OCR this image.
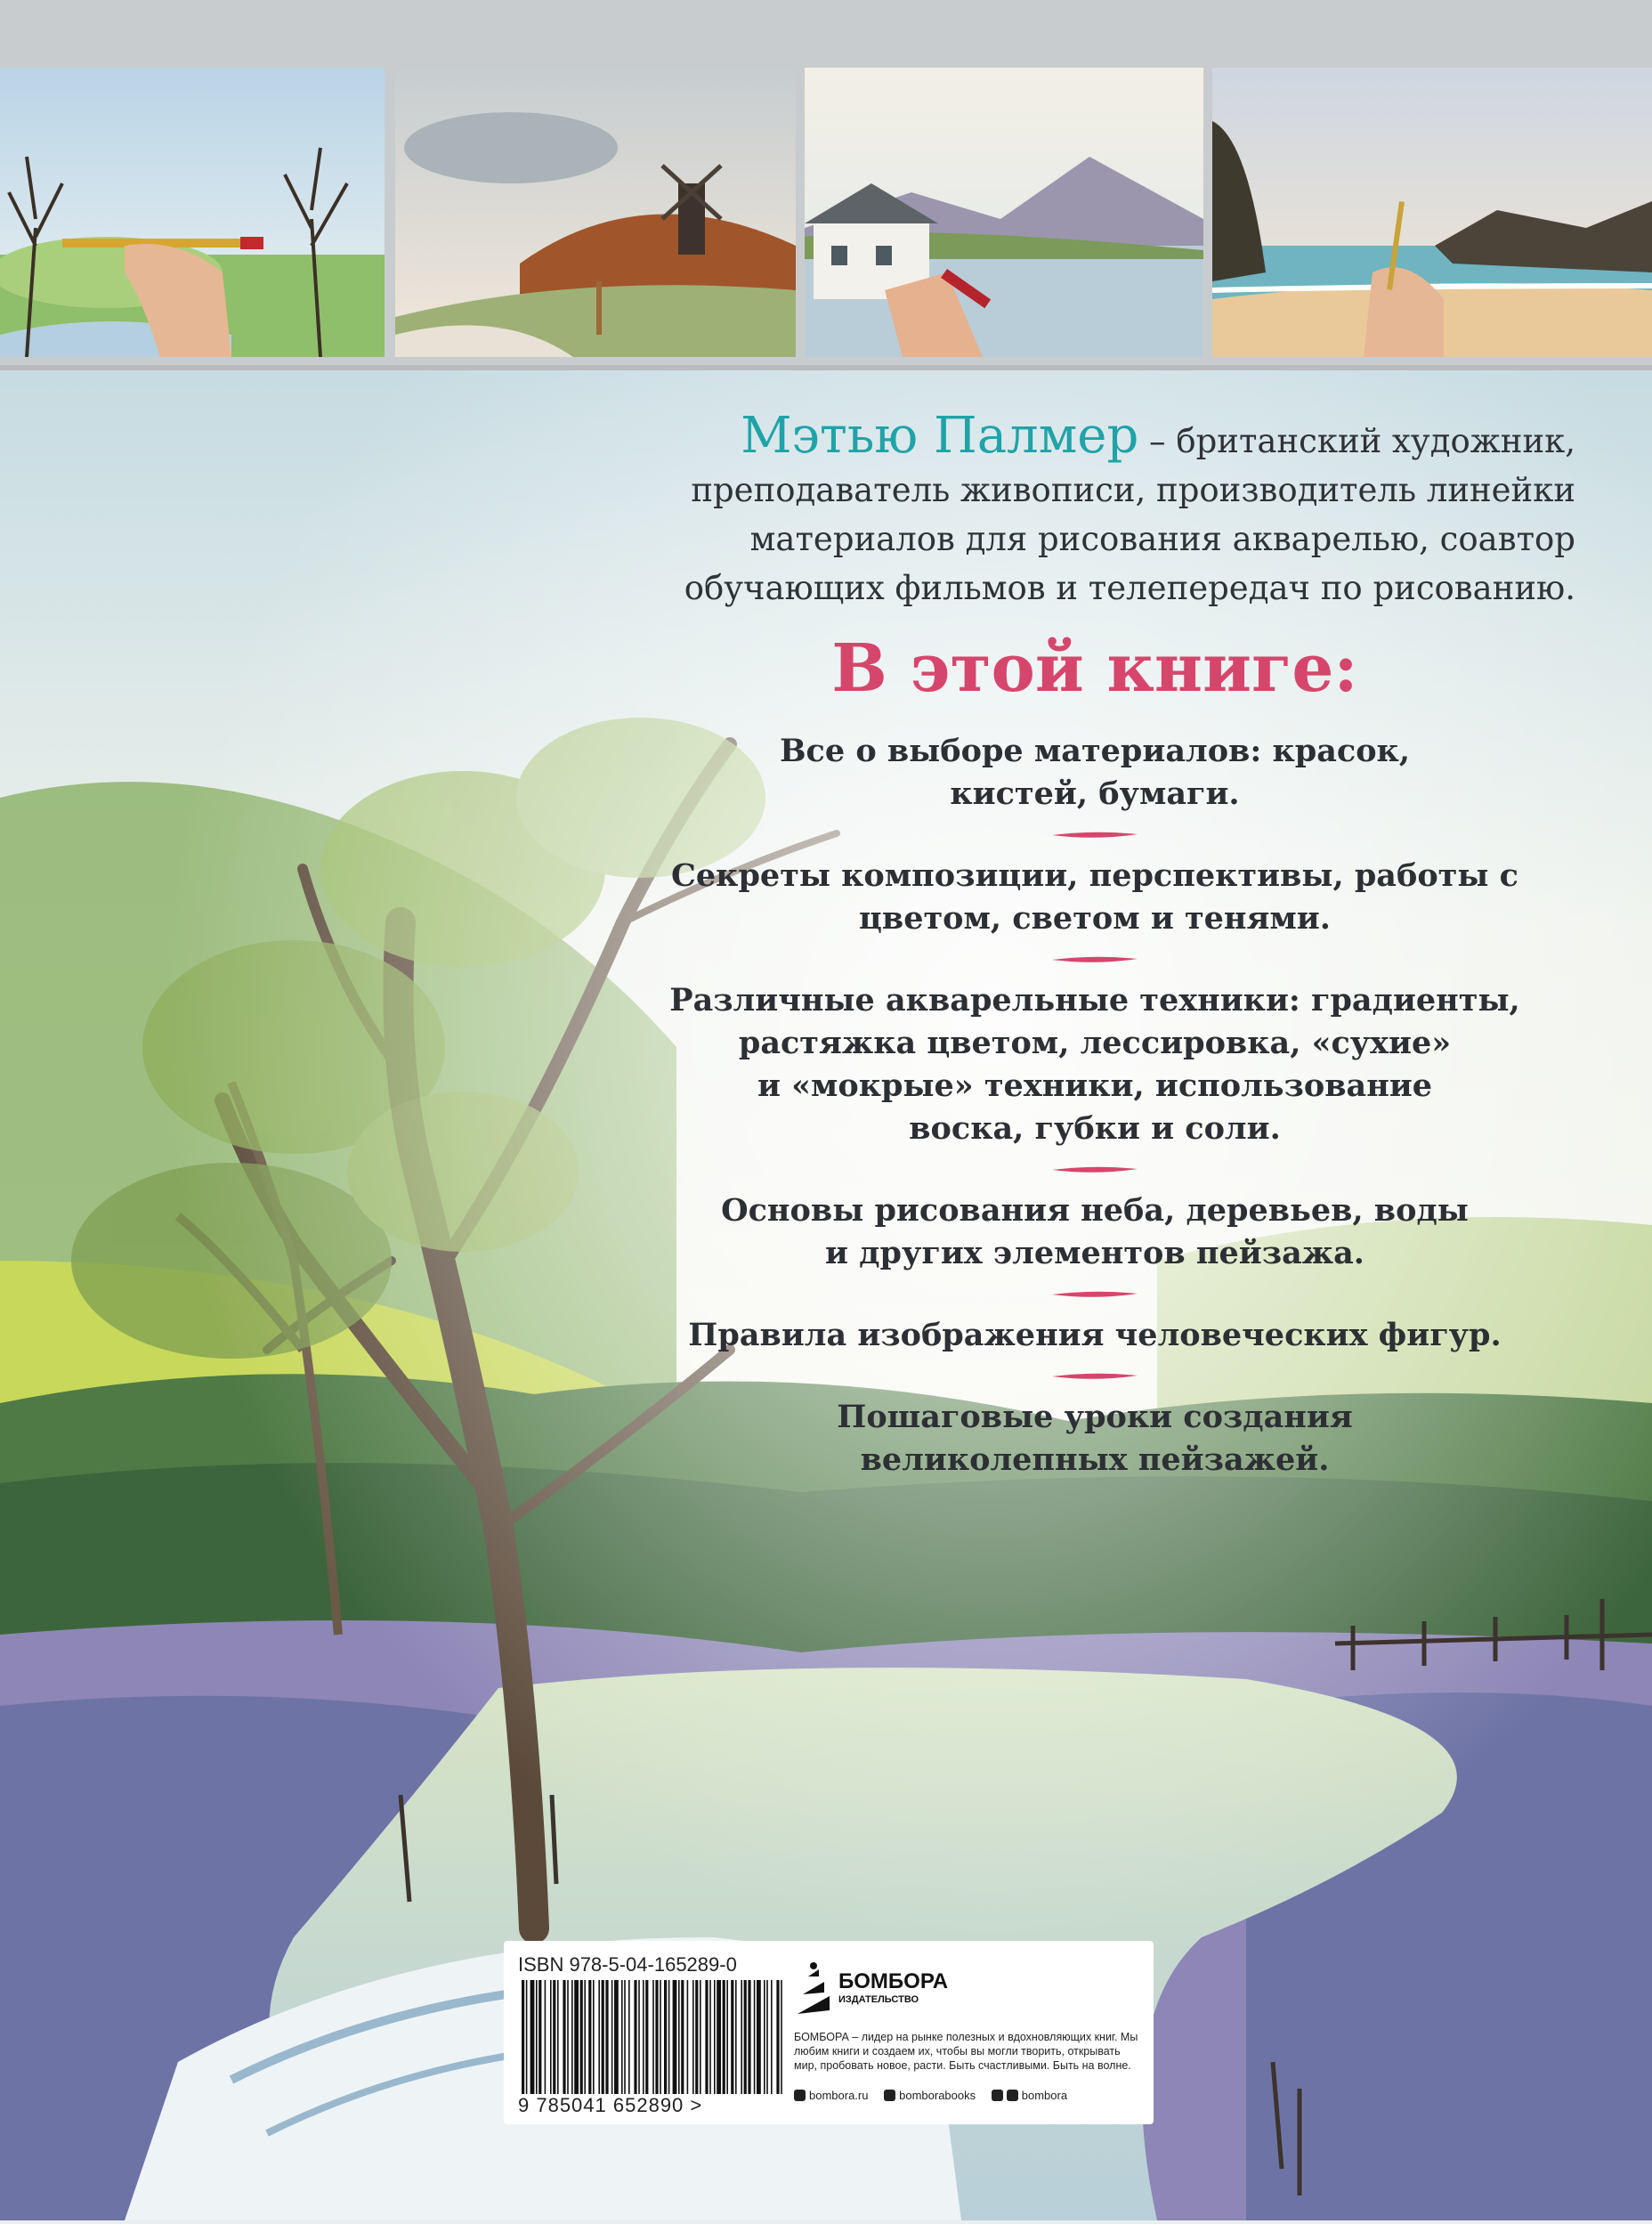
Мэтью Палмер – британский художник,
преподаватель живописи, производитель линейки
материалов для рисования акварелью, соавтор
обучающих фильмов и телепередач по рисованию.
В этой книге:
Все о выборе материалов: красок,
кистей, бумаги.
Секреты композиции, перспективы, работы с
цветом, светом и тенями.
Различные акварельные техники: градиенты,
растяжка цветом, лессировка, «сухие»
и «мокрые» техники, использование
воска, губки и соли.
Основы рисования неба, деревьев, воды
и других элементов пейзажа.
Правила изображения человеческих фигур.
Пошаговые уроки создания
великолепных пейзажей.
ISBN 978-5-04-165289-0
9 785041 652890 >
БОМБОРА
ИЗДАТЕЛЬСТВО
БОМБОРА – лидер на рынке полезных и вдохновляющих книг. Мы любим книги и создаем их, чтобы вы могли творить, открывать мир, пробовать новое, расти. Быть счастливыми. Быть на волне.
bombora.ru	bomborabooks	bombora
